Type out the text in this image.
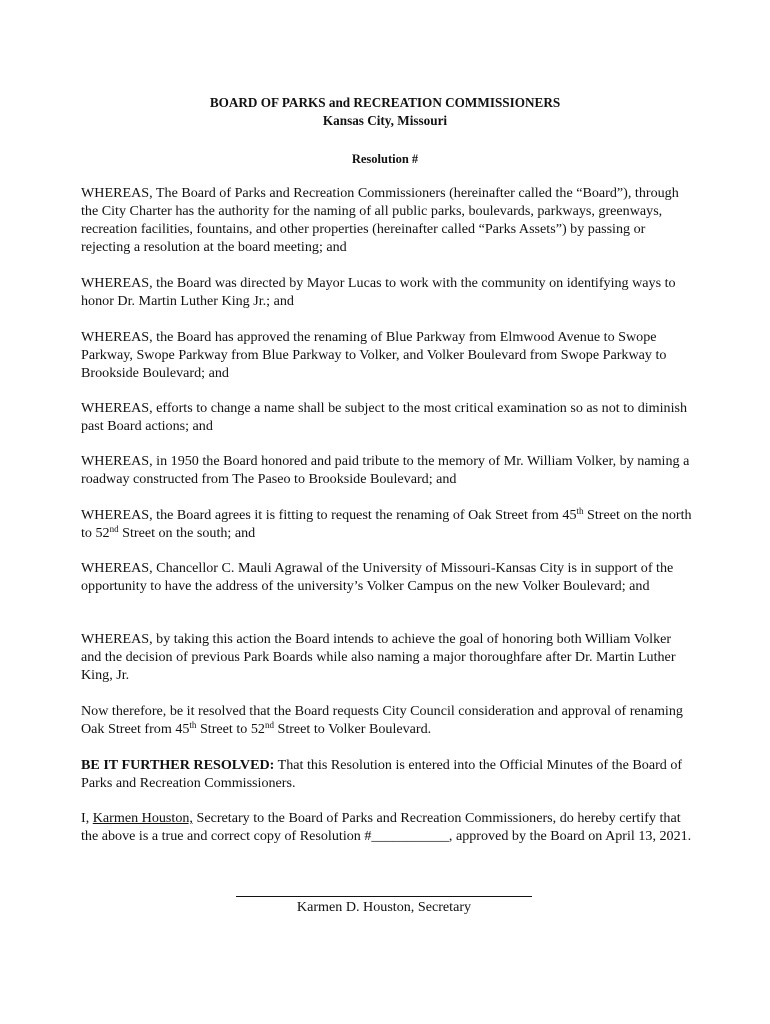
BOARD OF PARKS and RECREATION COMMISSIONERS
Kansas City, Missouri
Resolution #

WHEREAS, The Board of Parks and Recreation Commissioners (hereinafter called the “Board”), through the City Charter has the authority for the naming of all public parks, boulevards, parkways, greenways, recreation facilities, fountains, and other properties (hereinafter called “Parks Assets”) by passing or rejecting a resolution at the board meeting; and

WHEREAS, the Board was directed by Mayor Lucas to work with the community on identifying ways to honor Dr. Martin Luther King Jr.; and

WHEREAS, the Board has approved the renaming of Blue Parkway from Elmwood Avenue to Swope Parkway, Swope Parkway from Blue Parkway to Volker, and Volker Boulevard from Swope Parkway to Brookside Boulevard; and

WHEREAS, efforts to change a name shall be subject to the most critical examination so as not to diminish past Board actions; and

WHEREAS, in 1950 the Board honored and paid tribute to the memory of Mr. William Volker, by naming a roadway constructed from The Paseo to Brookside Boulevard; and

WHEREAS, the Board agrees it is fitting to request the renaming of Oak Street from 45th Street on the north to 52nd Street on the south; and

WHEREAS, Chancellor C. Mauli Agrawal of the University of Missouri-Kansas City is in support of the opportunity to have the address of the university’s Volker Campus on the new Volker Boulevard; and

WHEREAS, by taking this action the Board intends to achieve the goal of honoring both William Volker and the decision of previous Park Boards while also naming a major thoroughfare after Dr. Martin Luther King, Jr.

Now therefore, be it resolved that the Board requests City Council consideration and approval of renaming Oak Street from 45th Street to 52nd Street to Volker Boulevard.

BE IT FURTHER RESOLVED: That this Resolution is entered into the Official Minutes of the Board of Parks and Recreation Commissioners.

I, Karmen Houston, Secretary to the Board of Parks and Recreation Commissioners, do hereby certify that the above is a true and correct copy of Resolution #___________, approved by the Board on April 13, 2021.

Karmen D. Houston, Secretary
